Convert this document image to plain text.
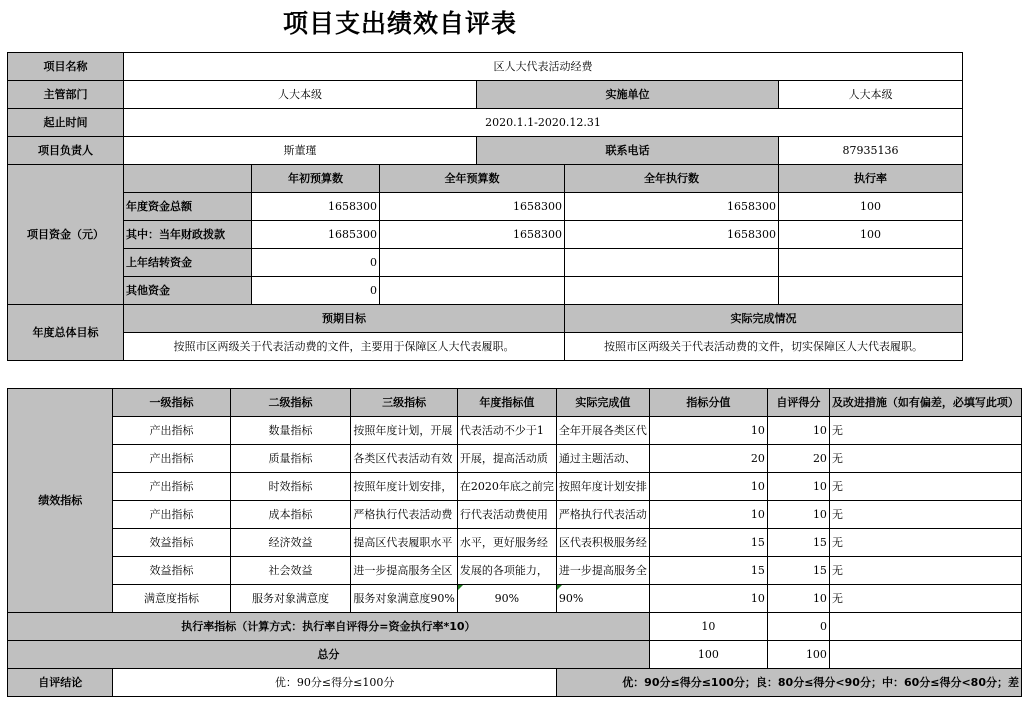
项目支出绩效自评表
项目名称	区人大代表活动经费					
主管部门	人大本级			实施单位		人大本级
起止时间	2020.1.1-2020.12.31					
项目负责人	斯董瑾			联系电话		87935136
项目资金（元）		年初预算数	全年预算数		全年执行数	执行率
	年度资金总额	1658300	1658300		1658300	100
	其中：当年财政拨款	1685300	1658300		1658300	100
	上年结转资金	0				
	其他资金	0				
年度总体目标	预期目标				实际完成情况	
	按照市区两级关于代表活动费的文件，主要用于保障区人大代表履职。				按照市区两级关于代表活动费的文件，切实保障区人大代表履职。	
绩效指标	一级指标	二级指标	三级指标	年度指标值	实际完成值	指标分值	自评得分	及改进措施（如有偏差，必填写此项）
	产出指标	数量指标	按照年度计划，开展	代表活动不少于1	全年开展各类区代	10	10	无
	产出指标	质量指标	各类区代表活动有效	开展，提高活动质	通过主题活动、	20	20	无
	产出指标	时效指标	按照年度计划安排，	在2020年底之前完	按照年度计划安排	10	10	无
	产出指标	成本指标	严格执行代表活动费	行代表活动费使用	严格执行代表活动	10	10	无
	效益指标	经济效益	提高区代表履职水平	水平，更好服务经	区代表积极服务经	15	15	无
	效益指标	社会效益	进一步提高服务全区	发展的各项能力，	进一步提高服务全	15	15	无
	满意度指标	服务对象满意度	服务对象满意度90%	90%	90%	10	10	无
执行率指标（计算方式：执行率自评得分=资金执行率*10）						10	0	
总分						100	100	
自评结论	优：90分≤得分≤100分				优：90分≤得分≤100分；良：80分≤得分<90分；中：60分≤得分<80分；差			
